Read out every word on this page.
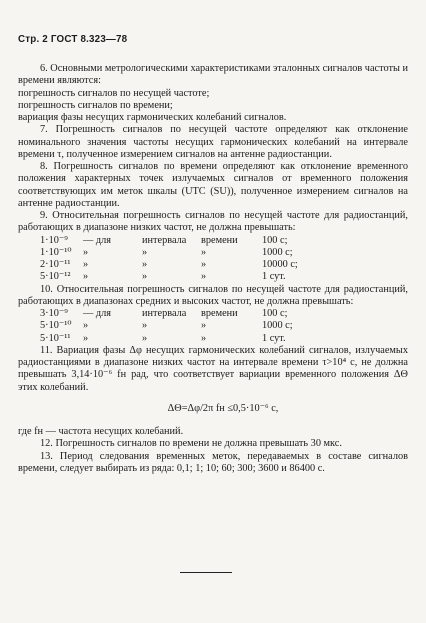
Стр. 2 ГОСТ 8.323—78

6. Основными метрологическими характеристиками эталонных сигналов частоты и времени являются:

погрешность сигналов по несущей частоте;

погрешность сигналов по времени;

вариация фазы несущих гармонических колебаний сигналов.

7. Погрешность сигналов по несущей частоте определяют как отклонение номинального значения частоты несущих гармонических колебаний на интервале времени τ, полученное измерением сигналов на антенне радиостанции.

8. Погрешность сигналов по времени определяют как отклонение временного положения характерных точек излучаемых сигналов от временного положения соответствующих им меток шкалы (UTC (SU)), полученное измерением сигналов на антенне радиостанции.

9. Относительная погрешность сигналов по несущей частоте для радиостанций, работающих в диапазоне низких частот, не должна превышать:

1·10⁻⁹	— для	интервала	времени	100 с;
1·10⁻¹⁰	»	»	»	1000 с;
2·10⁻¹¹	»	»	»	10000 с;
5·10⁻¹²	»	»	»	1 сут.

10. Относительная погрешность сигналов по несущей частоте для радиостанций, работающих в диапазонах средних и высоких частот, не должна превышать:

3·10⁻⁹	— для	интервала	времени	100 с;
5·10⁻¹⁰	»	»	»	1000 с;
5·10⁻¹¹	»	»	»	1 сут.

11. Вариация фазы Δφ несущих гармонических колебаний сигналов, излучаемых радиостанциями в диапазоне низких частот на интервале времени τ>10⁴ с, не должна превышать 3,14·10⁻⁶ fн рад, что соответствует вариации временного положения ΔΘ этих колебаний.

ΔΘ=Δφ/2π fн ≤0,5·10⁻⁶ с,

где fн — частота несущих колебаний.

12. Погрешность сигналов по времени не должна превышать 30 мкс.

13. Период следования временных меток, передаваемых в составе сигналов времени, следует выбирать из ряда: 0,1; 1; 10; 60; 300; 3600 и 86400 с.
